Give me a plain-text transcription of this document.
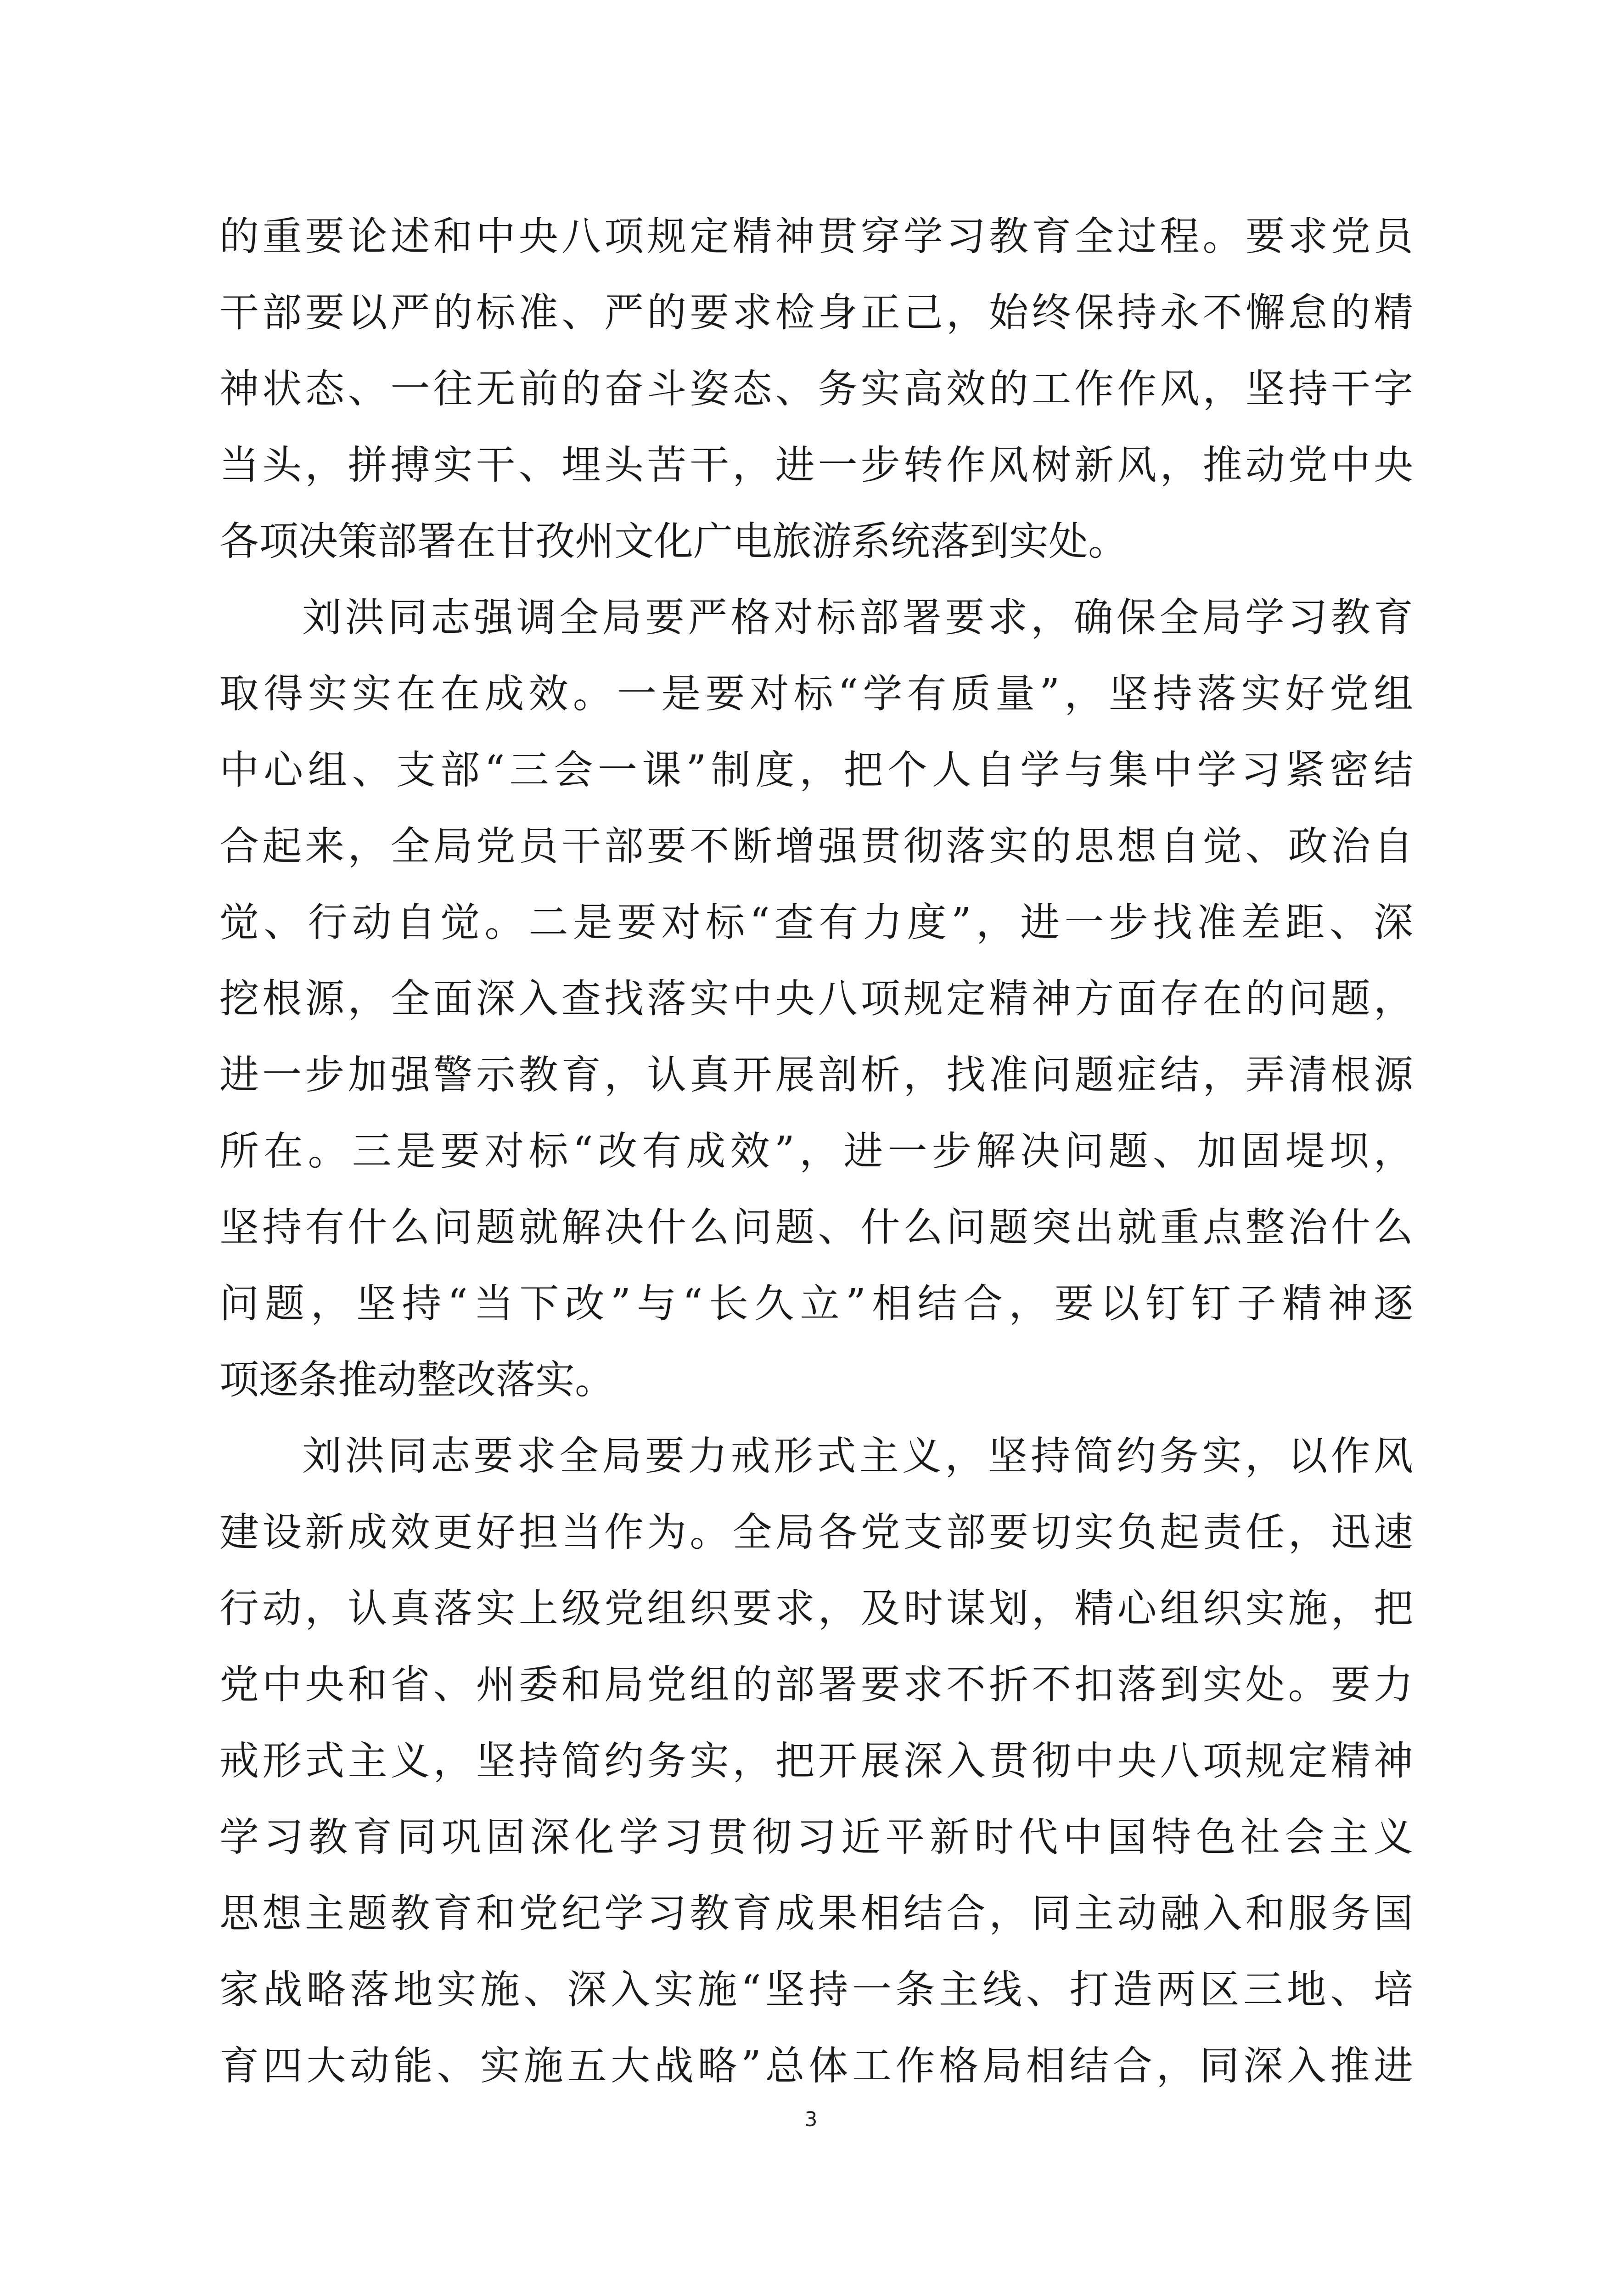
的重要论述和中央八项规定精神贯穿学习教育全过程。要求党员
干部要以严的标准、严的要求检身正己，始终保持永不懈怠的精
神状态、一往无前的奋斗姿态、务实高效的工作作风，坚持干字
当头，拼搏实干、埋头苦干，进一步转作风树新风，推动党中央
各项决策部署在甘孜州文化广电旅游系统落到实处。
刘洪同志强调全局要严格对标部署要求，确保全局学习教育
取得实实在在成效。一是要对标“学有质量”，坚持落实好党组
中心组、支部“三会一课”制度，把个人自学与集中学习紧密结
合起来，全局党员干部要不断增强贯彻落实的思想自觉、政治自
觉、行动自觉。二是要对标“查有力度”，进一步找准差距、深
挖根源，全面深入查找落实中央八项规定精神方面存在的问题，
进一步加强警示教育，认真开展剖析，找准问题症结，弄清根源
所在。三是要对标“改有成效”，进一步解决问题、加固堤坝，
坚持有什么问题就解决什么问题、什么问题突出就重点整治什么
问题，坚持“当下改”与“长久立”相结合，要以钉钉子精神逐
项逐条推动整改落实。
刘洪同志要求全局要力戒形式主义，坚持简约务实，以作风
建设新成效更好担当作为。全局各党支部要切实负起责任，迅速
行动，认真落实上级党组织要求，及时谋划，精心组织实施，把
党中央和省、州委和局党组的部署要求不折不扣落到实处。要力
戒形式主义，坚持简约务实，把开展深入贯彻中央八项规定精神
学习教育同巩固深化学习贯彻习近平新时代中国特色社会主义
思想主题教育和党纪学习教育成果相结合，同主动融入和服务国
家战略落地实施、深入实施“坚持一条主线、打造两区三地、培
育四大动能、实施五大战略”总体工作格局相结合，同深入推进
3
